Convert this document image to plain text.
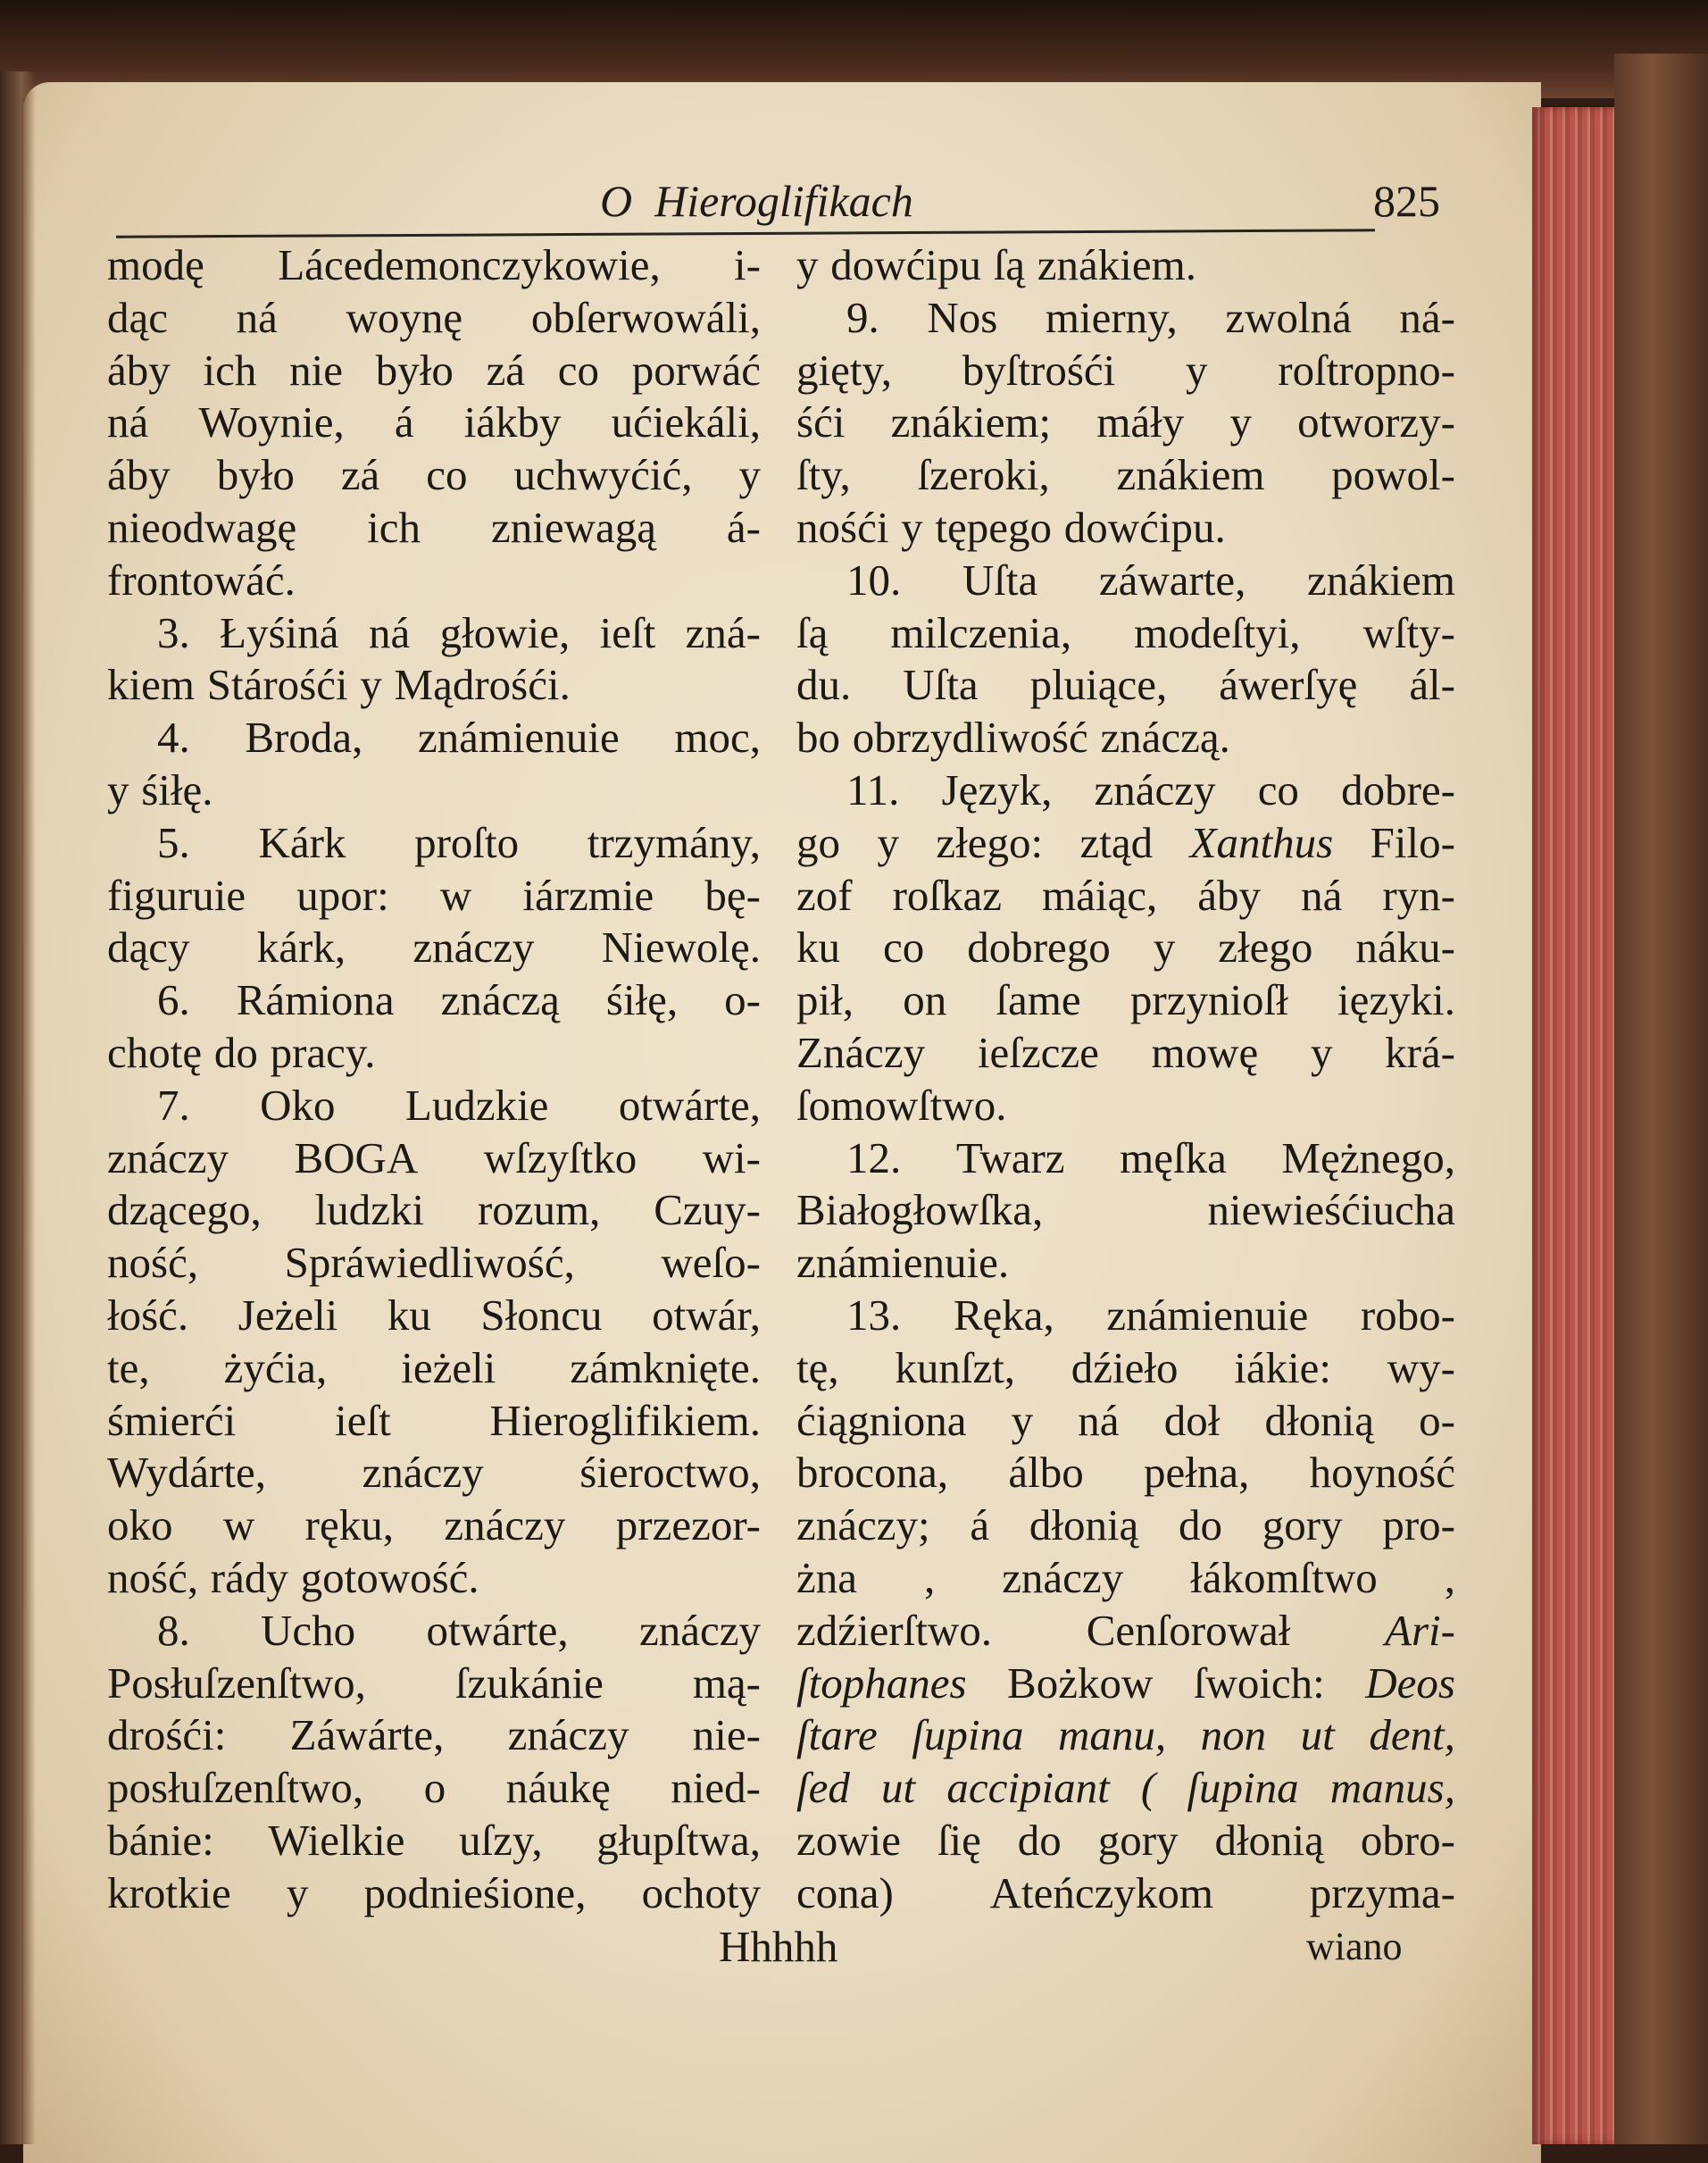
O  Hieroglifikach	825
modę Lácedemonczykowie, i-
dąc ná woynę obſerwowáli,
áby ich nie było zá co porwáć
ná Woynie, á iákby ućiekáli,
áby było zá co uchwyćić, y
nieodwagę ich zniewagą á-
frontowáć.
3. Łyśiná ná głowie, ieſt zná-
kiem Stárośći y Mądrośći.
4. Broda, známienuie moc,
y śiłę.
5. Kárk proſto trzymány,
figuruie upor: w iárzmie bę-
dący kárk, znáczy Niewolę.
6. Rámiona znáczą śiłę, o-
chotę do pracy.
7. Oko Ludzkie otwárte,
znáczy BOGA wſzyſtko wi-
dzącego, ludzki rozum, Czuy-
ność, Spráwiedliwość, weſo-
łość. Jeżeli ku Słoncu otwár,
te, żyćia, ieżeli zámknięte.
śmierći ieſt Hieroglifikiem.
Wydárte, znáczy śieroctwo,
oko w ręku, znáczy przezor-
ność, rády gotowość.
8. Ucho otwárte, znáczy
Posłuſzenſtwo, ſzukánie mą-
drośći: Záwárte, znáczy nie-
posłuſzenſtwo, o náukę nied-
bánie: Wielkie uſzy, głupſtwa,
krotkie y podnieśione, ochoty
y dowćipu ſą znákiem.
9. Nos mierny, zwolná ná-
gięty, byſtrośći y roſtropno-
śći znákiem; máły y otworzy-
ſty, ſzeroki, znákiem powol-
nośći y tępego dowćipu.
10. Uſta záwarte, znákiem
ſą milczenia, modeſtyi, wſty-
du. Uſta pluiące, áwerſyę ál-
bo obrzydliwość znáczą.
11. Język, znáczy co dobre-
go y złego: ztąd Xanthus Filo-
zof roſkaz máiąc, áby ná ryn-
ku co dobrego y złego náku-
pił, on ſame przynioſł ięzyki.
Znáczy ieſzcze mowę y krá-
ſomowſtwo.
12. Twarz męſka Mężnego,
Białogłowſka,	niewieśćiucha
známienuie.
13. Ręka, známienuie robo-
tę, kunſzt, dźieło iákie: wy-
ćiągniona y ná doł dłonią o-
brocona, álbo pełna, hoyność
znáczy; á dłonią do gory pro-
żna , znáczy łákomſtwo ,
zdźierſtwo. Cenſorował Ari-
ſtophanes Bożkow ſwoich: Deos
ſtare ſupina manu, non ut dent,
ſed ut accipiant ( ſupina manus,
zowie ſię do gory dłonią obro-
cona) Ateńczykom przyma-
Hhhhh	wiano
